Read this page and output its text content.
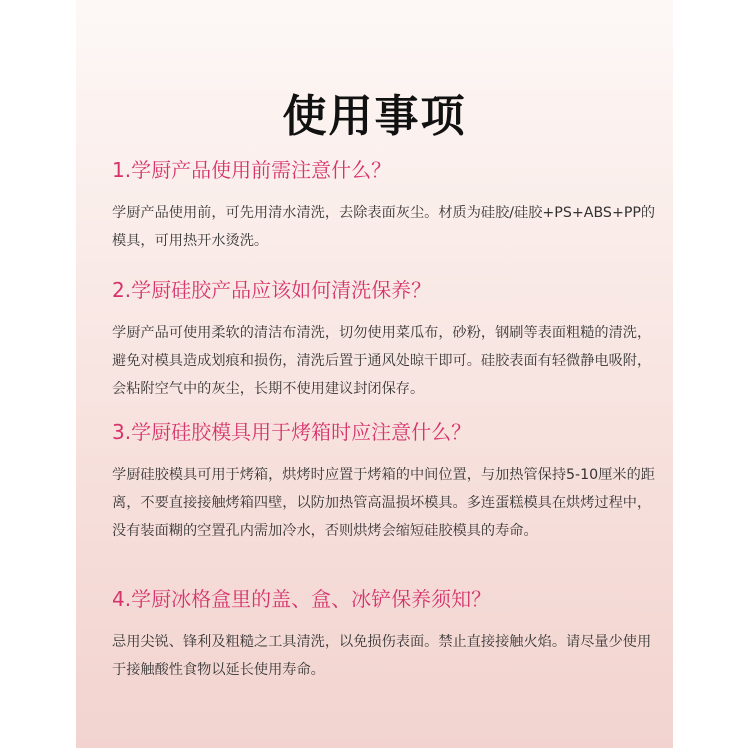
使用事项
1.学厨产品使用前需注意什么？

学厨产品使用前，可先用清水清洗，去除表面灰尘。材质为硅胶/硅胶+PS+ABS+PP的模具，可用热开水烫洗。

2.学厨硅胶产品应该如何清洗保养？

学厨产品可使用柔软的清洁布清洗，切勿使用菜瓜布，砂粉，钢刷等表面粗糙的清洗，避免对模具造成划痕和损伤，清洗后置于通风处晾干即可。硅胶表面有轻微静电吸附，会粘附空气中的灰尘，长期不使用建议封闭保存。

3.学厨硅胶模具用于烤箱时应注意什么？

学厨硅胶模具可用于烤箱，烘烤时应置于烤箱的中间位置，与加热管保持5-10厘米的距离，不要直接接触烤箱四壁，以防加热管高温损坏模具。多连蛋糕模具在烘烤过程中，没有装面糊的空置孔内需加冷水，否则烘烤会缩短硅胶模具的寿命。

4.学厨冰格盒里的盖、盒、冰铲保养须知？

忌用尖锐、锋利及粗糙之工具清洗，以免损伤表面。禁止直接接触火焰。请尽量少使用于接触酸性食物以延长使用寿命。
